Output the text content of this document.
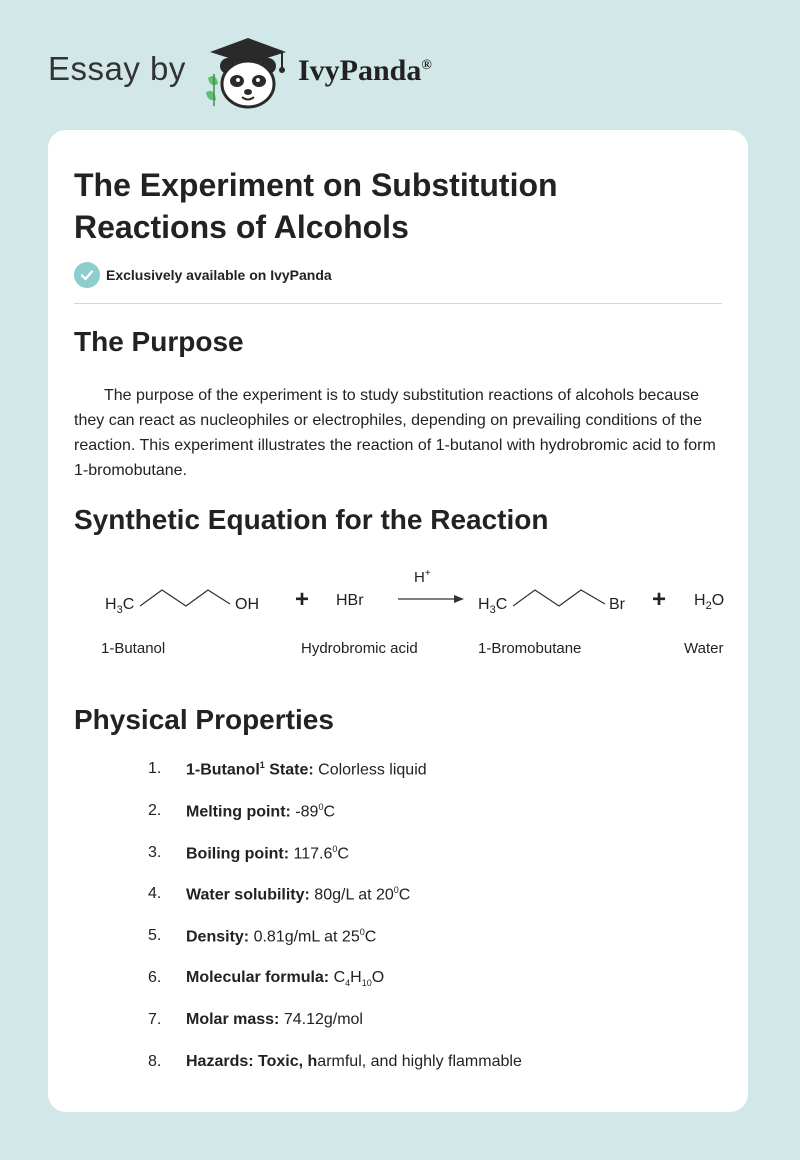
Essay by	IvyPanda®
The Experiment on Substitution Reactions of Alcohols
Exclusively available on IvyPanda
The Purpose

The purpose of the experiment is to study substitution reactions of alcohols because they can react as nucleophiles or electrophiles, depending on prevailing conditions of the reaction. This experiment illustrates the reaction of 1-butanol with hydrobromic acid to form 1-bromobutane.

Synthetic Equation for the Reaction
$H_3C$	OH + HBr
H+
$H_3C$	$Br + H_2O$
1-Butanol	Hydrobromic acid	1-Bromobutane	Water
Physical Properties
1. 1-Butanol$^1$ State: Colorless liquid
2. Melting point: $-89^0C$
3. Boiling point: 117.6$^0$C
4. Water solubility: 80g/L at $20^0C$
5. Density: 0.81g/mL at $25^0C$
6. Molecular formula: $C_4H_{10}O$
7. Molar mass: 74.12g/mol
8. Hazards: Toxic, harmful, and highly flammable
